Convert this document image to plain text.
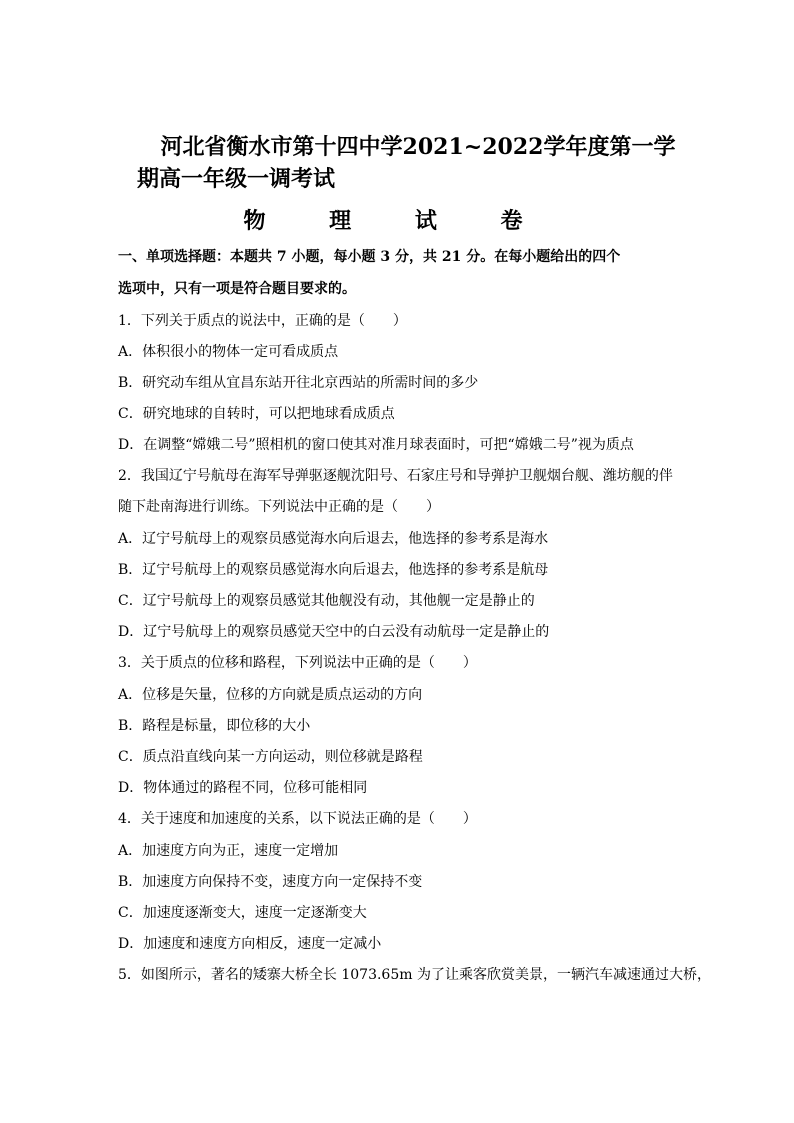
河北省衡水市第十四中学2021~2022学年度第一学
期高一年级一调考试
物 理 试 卷
一、单项选择题：本题共 7 小题，每小题 3 分，共 21 分。在每小题给出的四个
选项中，只有一项是符合题目要求的。
1．下列关于质点的说法中，正确的是（　　）
A．体积很小的物体一定可看成质点
B．研究动车组从宜昌东站开往北京西站的所需时间的多少
C．研究地球的自转时，可以把地球看成质点
D．在调整“嫦娥二号”照相机的窗口使其对准月球表面时，可把“嫦娥二号”视为质点
2．我国辽宁号航母在海军导弹驱逐舰沈阳号、石家庄号和导弹护卫舰烟台舰、潍坊舰的伴
随下赴南海进行训练。下列说法中正确的是（　　）
A．辽宁号航母上的观察员感觉海水向后退去，他选择的参考系是海水
B．辽宁号航母上的观察员感觉海水向后退去，他选择的参考系是航母
C．辽宁号航母上的观察员感觉其他舰没有动，其他舰一定是静止的
D．辽宁号航母上的观察员感觉天空中的白云没有动航母一定是静止的
3．关于质点的位移和路程，下列说法中正确的是（　　）
A．位移是矢量，位移的方向就是质点运动的方向
B．路程是标量，即位移的大小
C．质点沿直线向某一方向运动，则位移就是路程
D．物体通过的路程不同，位移可能相同
4．关于速度和加速度的关系，以下说法正确的是（　　）
A．加速度方向为正，速度一定增加
B．加速度方向保持不变，速度方向一定保持不变
C．加速度逐渐变大，速度一定逐渐变大
D．加速度和速度方向相反，速度一定减小
5．如图所示，著名的矮寨大桥全长 1073.65m 为了让乘客欣赏美景，一辆汽车减速通过大桥，
